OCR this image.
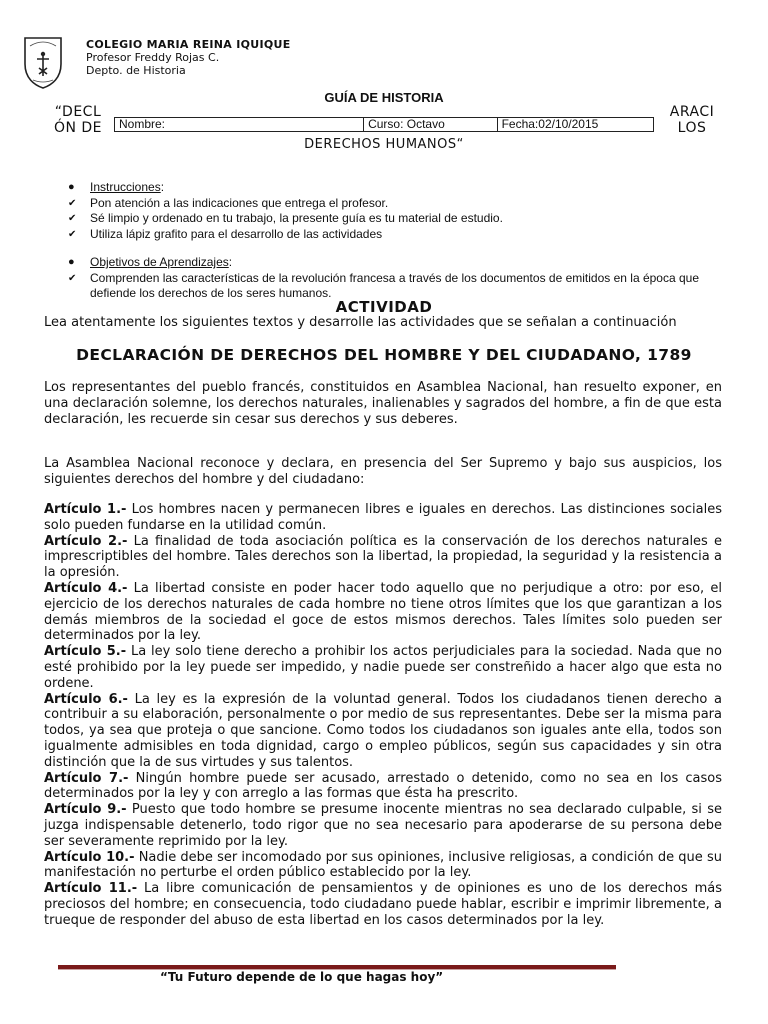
COLEGIO MARIA REINA IQUIQUE
Profesor Freddy Rojas C.
Depto. de Historia
GUÍA DE HISTORIA
“DECL
ÓN DE
ARACI
LOS
Nombre:	Curso: Octavo	Fecha:02/10/2015
DERECHOS HUMANOS“
●	Instrucciones:
✔	Pon atención a las indicaciones que entrega el profesor.
✔	Sé limpio y ordenado en tu trabajo, la presente guía es tu material de estudio.
✔	Utiliza lápiz grafito para el desarrollo de las actividades
●	Objetivos de Aprendizajes:
✔	Comprenden las características de la revolución francesa a través de los documentos de emitidos en la época que defiende los derechos de los seres humanos.
ACTIVIDAD
Lea atentamente los siguientes textos y desarrolle las actividades que se señalan a continuación
DECLARACIÓN DE DERECHOS DEL HOMBRE Y DEL CIUDADANO, 1789
Los representantes del pueblo francés, constituidos en Asamblea Nacional, han resuelto exponer, en una declaración solemne, los derechos naturales, inalienables y sagrados del hombre, a fin de que esta declaración, les recuerde sin cesar sus derechos y sus deberes.
La Asamblea Nacional reconoce y declara, en presencia del Ser Supremo y bajo sus auspicios, los siguientes derechos del hombre y del ciudadano:

Artículo 1.- Los hombres nacen y permanecen libres e iguales en derechos. Las distinciones sociales solo pueden fundarse en la utilidad común.

Artículo 2.- La finalidad de toda asociación política es la conservación de los derechos naturales e imprescriptibles del hombre. Tales derechos son la libertad, la propiedad, la seguridad y la resistencia a la opresión.

Artículo 4.- La libertad consiste en poder hacer todo aquello que no perjudique a otro: por eso, el ejercicio de los derechos naturales de cada hombre no tiene otros límites que los que garantizan a los demás miembros de la sociedad el goce de estos mismos derechos. Tales límites solo pueden ser determinados por la ley.

Artículo 5.- La ley solo tiene derecho a prohibir los actos perjudiciales para la sociedad. Nada que no esté prohibido por la ley puede ser impedido, y nadie puede ser constreñido a hacer algo que esta no ordene.

Artículo 6.- La ley es la expresión de la voluntad general. Todos los ciudadanos tienen derecho a contribuir a su elaboración, personalmente o por medio de sus representantes. Debe ser la misma para todos, ya sea que proteja o que sancione. Como todos los ciudadanos son iguales ante ella, todos son igualmente admisibles en toda dignidad, cargo o empleo públicos, según sus capacidades y sin otra distinción que la de sus virtudes y sus talentos.

Artículo 7.- Ningún hombre puede ser acusado, arrestado o detenido, como no sea en los casos determinados por la ley y con arreglo a las formas que ésta ha prescrito.

Artículo 9.- Puesto que todo hombre se presume inocente mientras no sea declarado culpable, si se juzga indispensable detenerlo, todo rigor que no sea necesario para apoderarse de su persona debe ser severamente reprimido por la ley.

Artículo 10.- Nadie debe ser incomodado por sus opiniones, inclusive religiosas, a condición de que su manifestación no perturbe el orden público establecido por la ley.

Artículo 11.- La libre comunicación de pensamientos y de opiniones es uno de los derechos más preciosos del hombre; en consecuencia, todo ciudadano puede hablar, escribir e imprimir libremente, a trueque de responder del abuso de esta libertad en los casos determinados por la ley.

“Tu Futuro depende de lo que hagas hoy”
